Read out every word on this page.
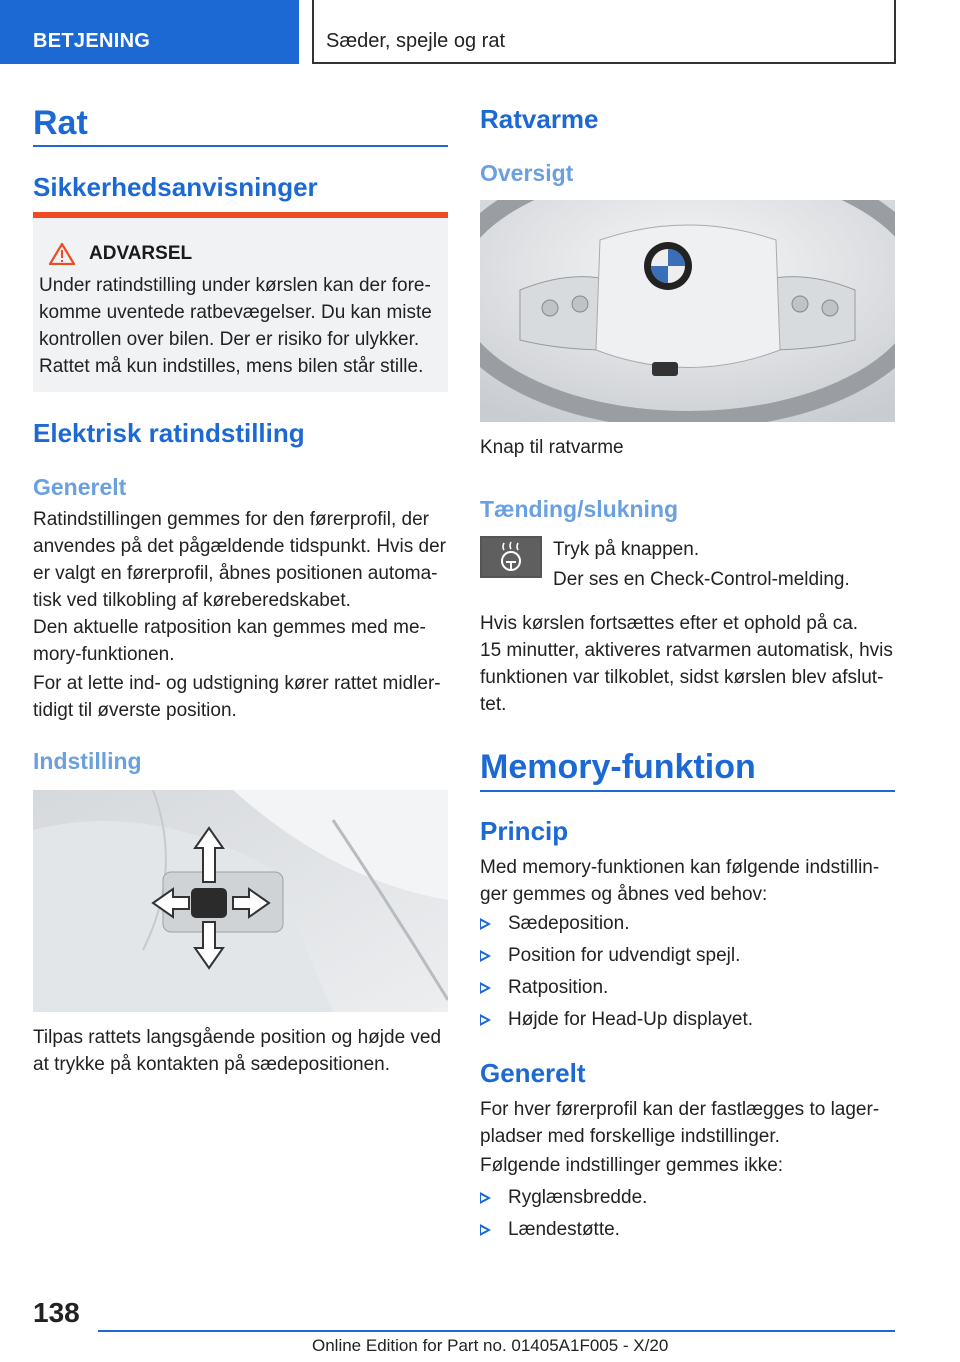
BETJENING	Sæder, spejle og rat
Rat
Sikkerhedsanvisninger
ADVARSEL
Under ratindstilling under kørslen kan der fore-
komme uventede ratbevægelser. Du kan miste
kontrollen over bilen. Der er risiko for ulykker.
Rattet må kun indstilles, mens bilen står stille.
Elektrisk ratindstilling
Generelt
Ratindstillingen gemmes for den førerprofil, der
anvendes på det pågældende tidspunkt. Hvis der
er valgt en førerprofil, åbnes positionen automa-
tisk ved tilkobling af køreberedskabet.
Den aktuelle ratposition kan gemmes med me-
mory-funktionen.
For at lette ind- og udstigning kører rattet midler-
tidigt til øverste position.
Indstilling
Tilpas rattets langsgående position og højde ved
at trykke på kontakten på sædepositionen.
Ratvarme
Oversigt
Knap til ratvarme
Tænding/slukning
Tryk på knappen.
Der ses en Check-Control-melding.
Hvis kørslen fortsættes efter et ophold på ca.
15 minutter, aktiveres ratvarmen automatisk, hvis
funktionen var tilkoblet, sidst kørslen blev afslut-
tet.
Memory-funktion
Princip
Med memory-funktionen kan følgende indstillin-
ger gemmes og åbnes ved behov:
Sædeposition.
Position for udvendigt spejl.
Ratposition.
Højde for Head-Up displayet.
Generelt
For hver førerprofil kan der fastlægges to lager-
pladser med forskellige indstillinger.
Følgende indstillinger gemmes ikke:
Ryglænsbredde.
Lændestøtte.
138
Online Edition for Part no. 01405A1F005 - X/20
